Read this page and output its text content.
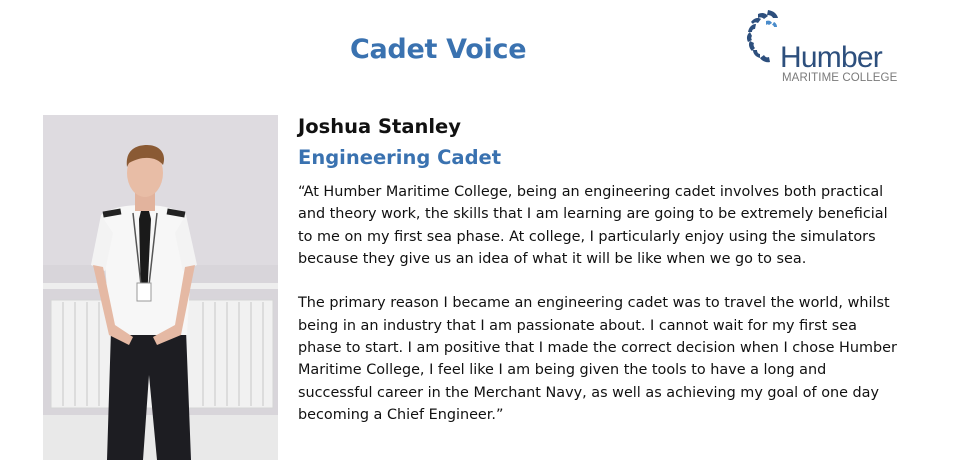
Cadet Voice	Humber
MARITIME COLLEGE
Joshua Stanley
Engineering Cadet

“At Humber Maritime College, being an engineering cadet involves both practical and theory work, the skills that I am learning are going to be extremely beneficial to me on my first sea phase. At college, I particularly enjoy using the simulators because they give us an idea of what it will be like when we go to sea.

The primary reason I became an engineering cadet was to travel the world, whilst being in an industry that I am passionate about. I cannot wait for my first sea phase to start. I am positive that I made the correct decision when I chose Humber Maritime College, I feel like I am being given the tools to have a long and successful career in the Merchant Navy, as well as achieving my goal of one day becoming a Chief Engineer.”
